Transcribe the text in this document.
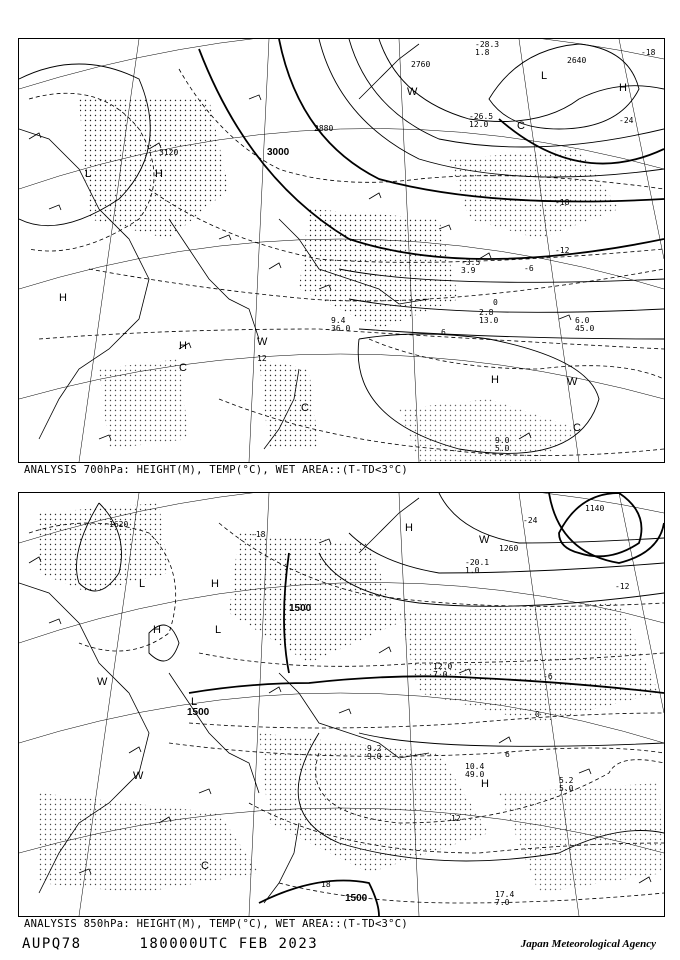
3120	3000
2880
2760	2640
-24
-18
-12
-6
0
6
12
-18
L	H
H
H
H
H
W
W
W
C
C
C
C
L
9.0
5.0
6.0
45.0
2.8
13.0
9.4
36.0
-3.5
3.9
-26.5
12.0
-28.3
1.8
ANALYSIS 700hPa: HEIGHT(M), TEMP(°C), WET AREA::(T-TD<3°C)
1620
1500
1500
1500
1140
1260
-18
-24
-12
-6
0
6
12
18
L	H
H	L
H
W
W
W
H
C
L
17.4
7.0
5.2
5.0
10.4
49.0
9.2
9.0
12.0
7.0
-20.1
1.0
ANALYSIS 850hPa: HEIGHT(M), TEMP(°C), WET AREA::(T-TD<3°C)
AUPQ78	180000UTC FEB 2023	Japan Meteorological Agency
